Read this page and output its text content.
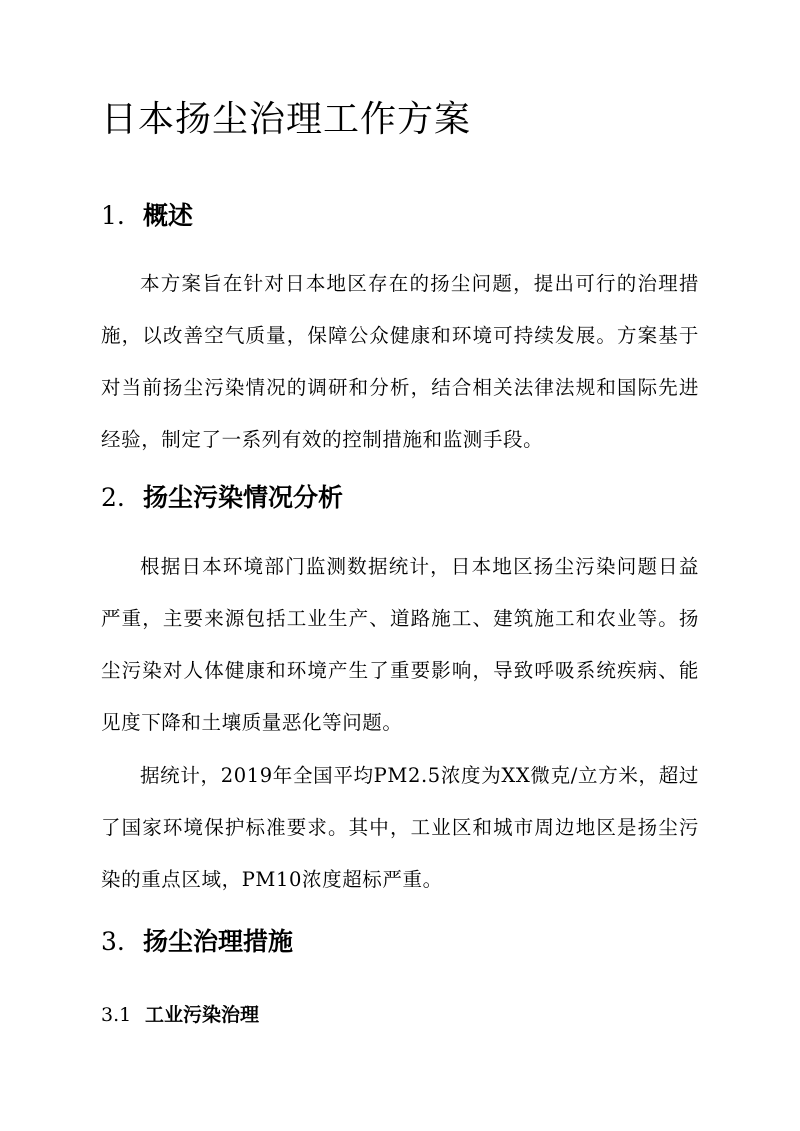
日本扬尘治理工作方案
1. 概述

本方案旨在针对日本地区存在的扬尘问题，提出可行的治理措施，以改善空气质量，保障公众健康和环境可持续发展。方案基于对当前扬尘污染情况的调研和分析，结合相关法律法规和国际先进经验，制定了一系列有效的控制措施和监测手段。

2. 扬尘污染情况分析

根据日本环境部门监测数据统计，日本地区扬尘污染问题日益严重，主要来源包括工业生产、道路施工、建筑施工和农业等。扬尘污染对人体健康和环境产生了重要影响，导致呼吸系统疾病、能见度下降和土壤质量恶化等问题。

据统计，2019年全国平均PM2.5浓度为XX微克/立方米，超过了国家环境保护标准要求。其中，工业区和城市周边地区是扬尘污染的重点区域，PM10浓度超标严重。

3. 扬尘治理措施
3.1 工业污染治理
